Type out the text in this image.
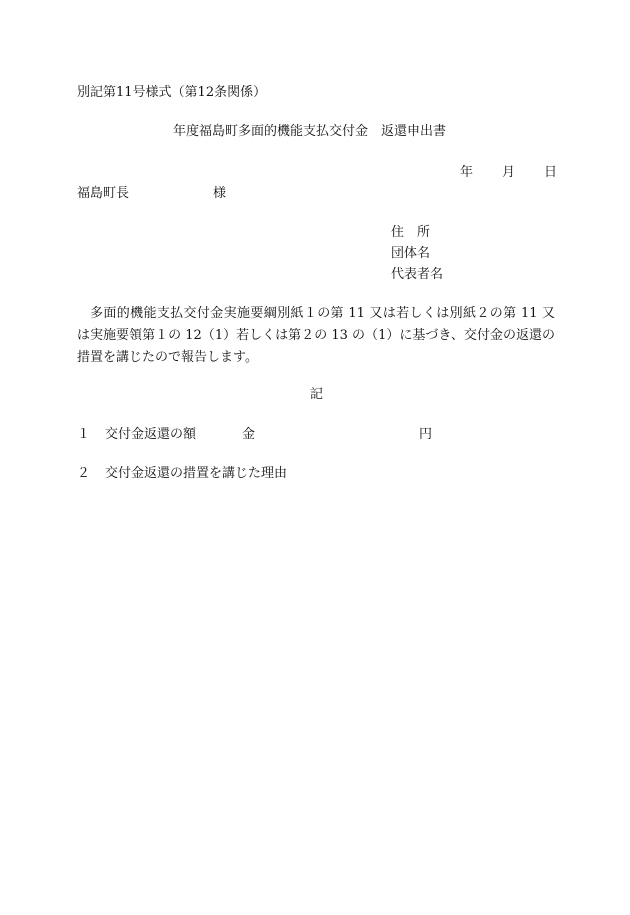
別記第11号様式（第12条関係）
年度福島町多面的機能支払交付金　返還申出書
年 月 日
福島町長	様
住　所
団体名
代表者名
多面的機能支払交付金実施要綱別紙１の第 11 又は若しくは別紙２の第 11 又は実施要領第１の 12（1）若しくは第２の 13 の（1）に基づき、交付金の返還の措置を講じたので報告します。
記
１ 交付金返還の額	金	円
２ 交付金返還の措置を講じた理由
